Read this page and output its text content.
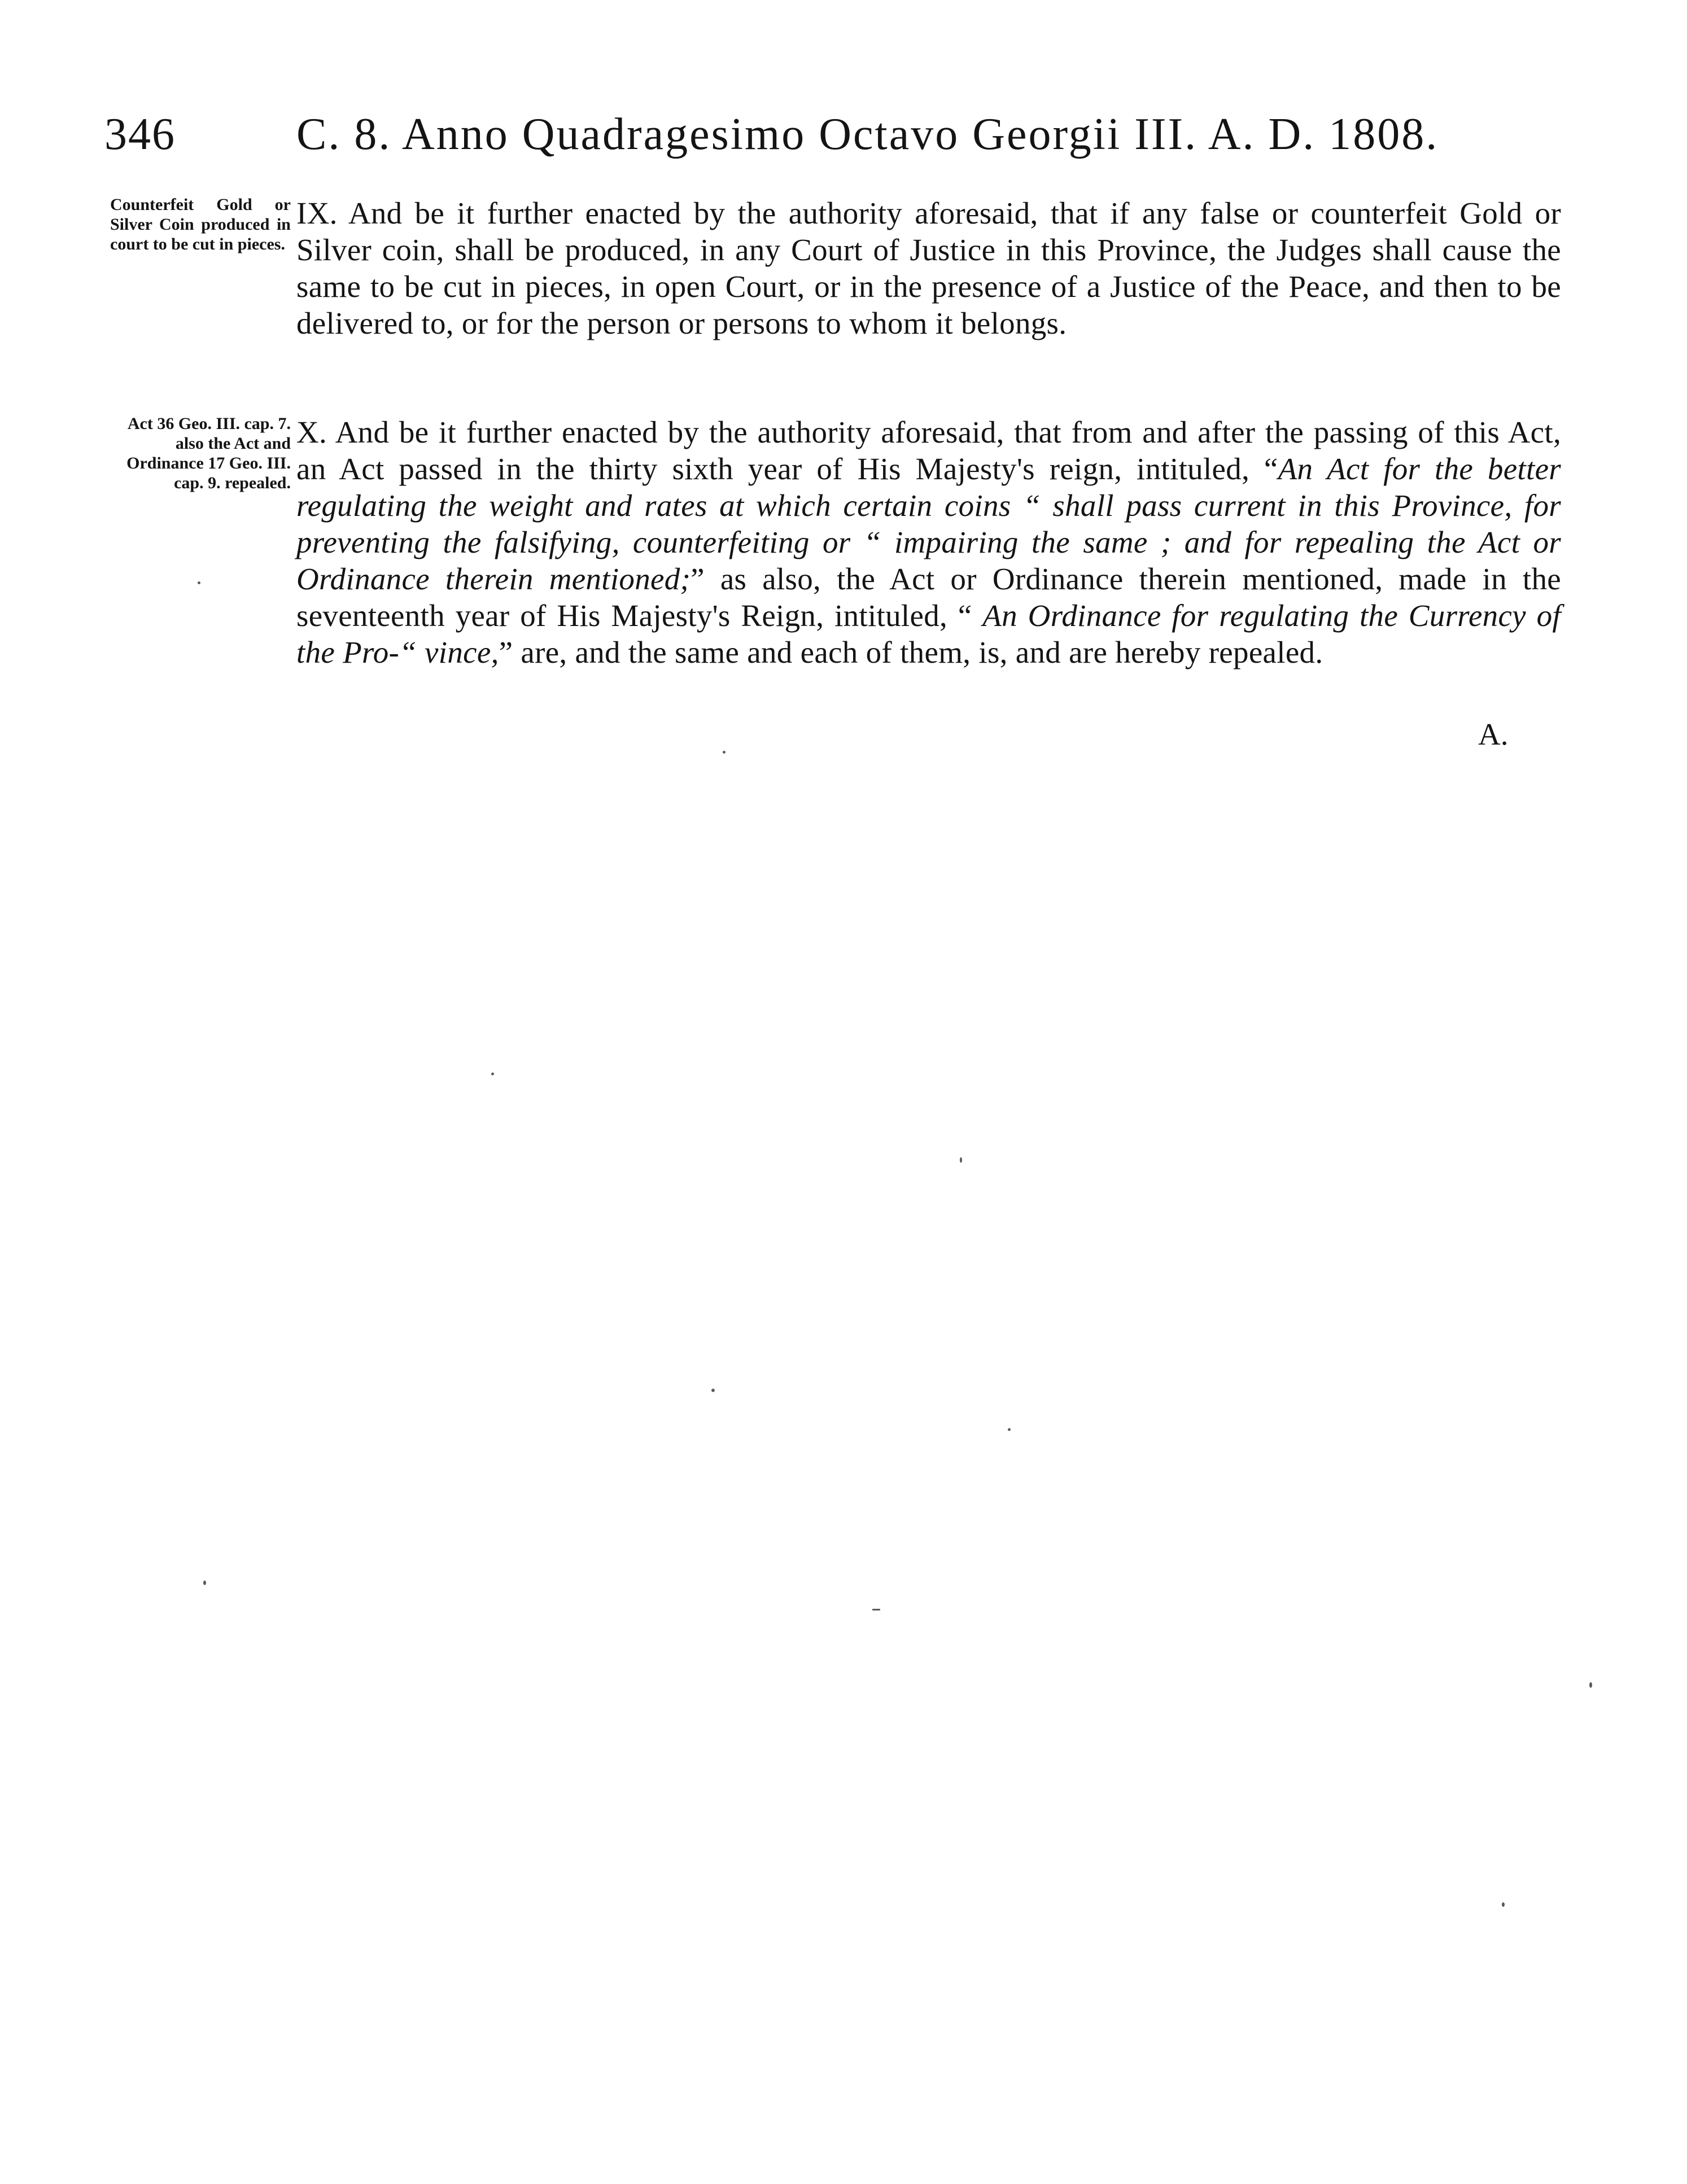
346	C. 8. Anno Quadragesimo Octavo Georgii III. A. D. 1808.
Counterfeit Gold or Silver Coin produced in court to be cut in pieces.

IX. And be it further enacted by the authority aforesaid, that if any false or counterfeit Gold or Silver coin, shall be produced, in any Court of Justice in this Province, the Judges shall cause the same to be cut in pieces, in open Court, or in the presence of a Justice of the Peace, and then to be delivered to, or for the person or persons to whom it belongs.

Act 36 Geo. III. cap. 7. also the Act and Ordinance 17 Geo. III. cap. 9. repealed.

X. And be it further enacted by the authority aforesaid, that from and after the passing of this Act, an Act passed in the thirty sixth year of His Majesty's reign, intituled, “An Act for the better regulating the weight and rates at which certain coins “ shall pass current in this Province, for preventing the falsifying, counterfeiting or “ impairing the same ; and for repealing the Act or Ordinance therein mentioned;” as also, the Act or Ordinance therein mentioned, made in the seventeenth year of His Majesty's Reign, intituled, “ An Ordinance for regulating the Currency of the Pro-“ vince,” are, and the same and each of them, is, and are hereby repealed.

A.
